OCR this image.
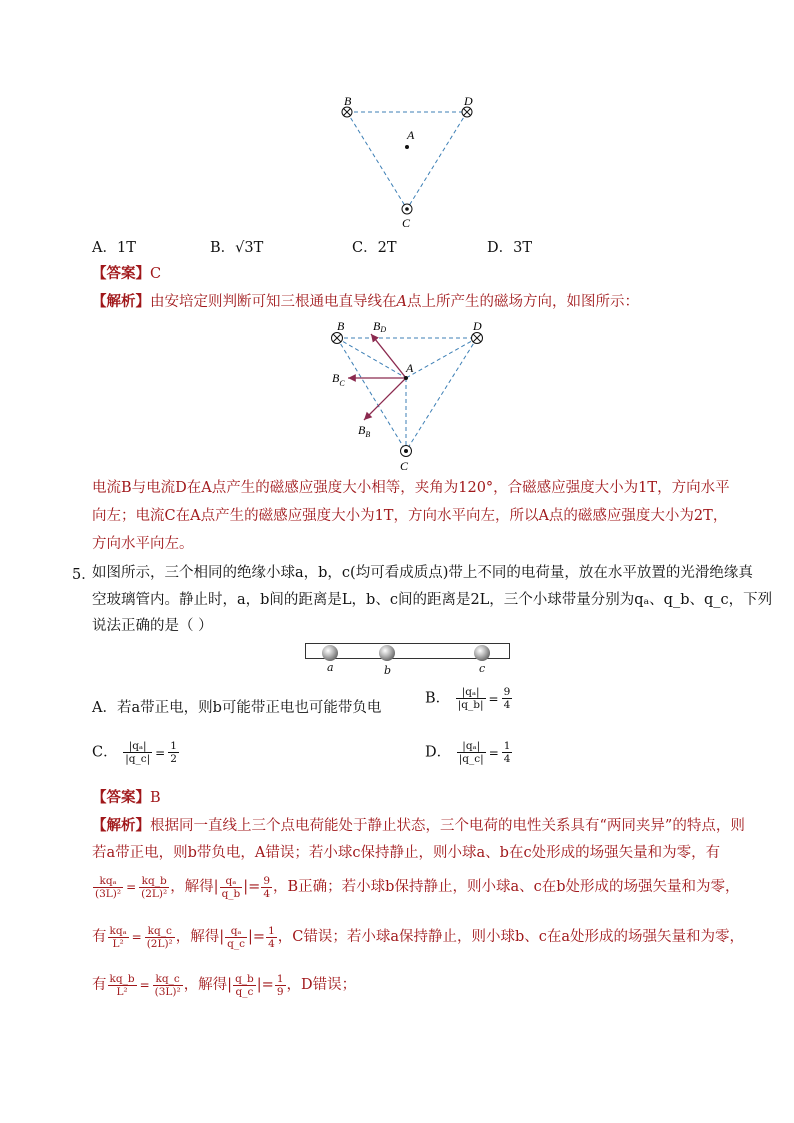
B	D
A
C
A．1T	B．√3T	C．2T	D．3T
【答案】C
【解析】由安培定则判断可知三根通电直导线在A点上所产生的磁场方向，如图所示：
B	D
A
C
BD
$B_C$
$B_B$
电流B与电流D在A点产生的磁感应强度大小相等，夹角为120°，合磁感应强度大小为1T，方向水平
向左；电流C在A点产生的磁感应强度大小为1T，方向水平向左，所以A点的磁感应强度大小为2T，
方向水平向左。
5．
如图所示，三个相同的绝缘小球a，b，c(均可看成质点)带上不同的电荷量，放在水平放置的光滑绝缘真
空玻璃管内。静止时，a，b间的距离是L，b、c间的距离是2L，三个小球带量分别为qₐ、q_b、q_c，下列
说法正确的是（ ）
a	b	c
A．若a带正电，则b可能带正电也可能带负电
B． $\frac{\text{|qₐ|}}{|q\_b|} = \frac{9}{4}$
C． $\frac{\text{|qₐ|}}{|q\_c|} = \frac{1}{2}$	D． $\frac{\text{|qₐ|}}{|q\_c|} = \frac{1}{4}$
【答案】B
【解析】根据同一直线上三个点电荷能处于静止状态，三个电荷的电性关系具有“两同夹异”的特点，则
若a带正电，则b带负电，A错误；若小球c保持静止，则小球a、b在c处形成的场强矢量和为零，有
$\frac{\text{kqₐ}}{\text{(3L)²}} = \frac{kq\_b}{\text{(2L)²}}$ ，解得| $\frac{\text{qₐ}}{q\_b}$ |= $\frac{9}{4}$ ，B正确；若小球b保持静止，则小球a、c在b处形成的场强矢量和为零，
有 $\frac{\text{kqₐ}}{\text{L²}} = \frac{kq\_c}{\text{(2L)²}}$ ，解得| $\frac{\text{qₐ}}{q\_c}$ |= $\frac{1}{4}$ ，C错误；若小球a保持静止，则小球b、c在a处形成的场强矢量和为零，
有 $\frac{kq\_b}{\text{L²}} = \frac{kq\_c}{\text{(3L)²}}$ ，解得| $\frac{q\_b}{q\_c}$ |= $\frac{1}{9}$ ，D错误；
